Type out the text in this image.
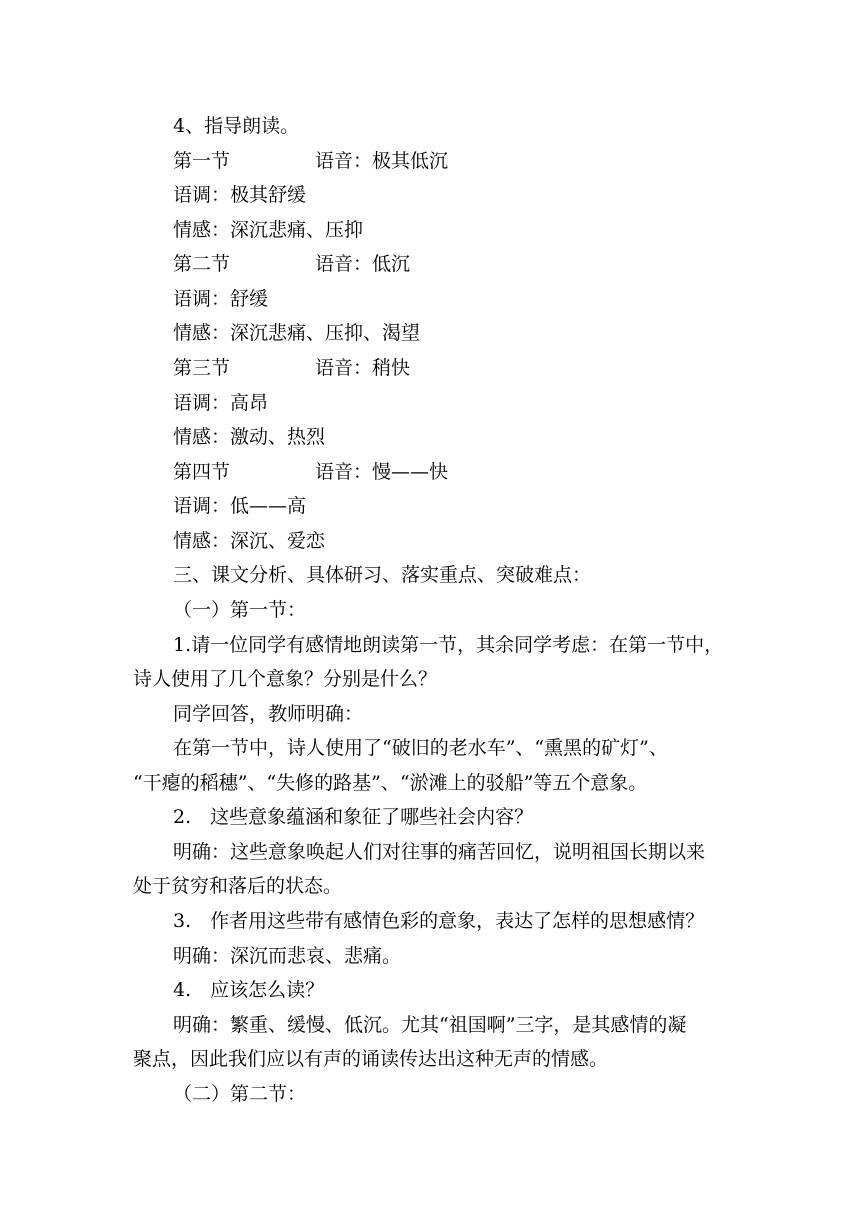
4、指导朗读。
第一节	语音：极其低沉
语调：极其舒缓
情感：深沉悲痛、压抑
第二节	语音：低沉
语调：舒缓
情感：深沉悲痛、压抑、渴望
第三节	语音：稍快
语调：高昂
情感：激动、热烈
第四节	语音：慢——快
语调：低——高
情感：深沉、爱恋
三、课文分析、具体研习、落实重点、突破难点：
（一）第一节：
1.请一位同学有感情地朗读第一节，其余同学考虑：在第一节中，
诗人使用了几个意象？分别是什么？
同学回答，教师明确：
在第一节中，诗人使用了“破旧的老水车”、“熏黑的矿灯”、
“干瘪的稻穗”、“失修的路基”、“淤滩上的驳船”等五个意象。
2.　这些意象蕴涵和象征了哪些社会内容？
明确：这些意象唤起人们对往事的痛苦回忆，说明祖国长期以来
处于贫穷和落后的状态。
3.　作者用这些带有感情色彩的意象，表达了怎样的思想感情？
明确：深沉而悲哀、悲痛。
4.　应该怎么读？
明确：繁重、缓慢、低沉。尤其“祖国啊”三字，是其感情的凝
聚点，因此我们应以有声的诵读传达出这种无声的情感。
（二）第二节：
